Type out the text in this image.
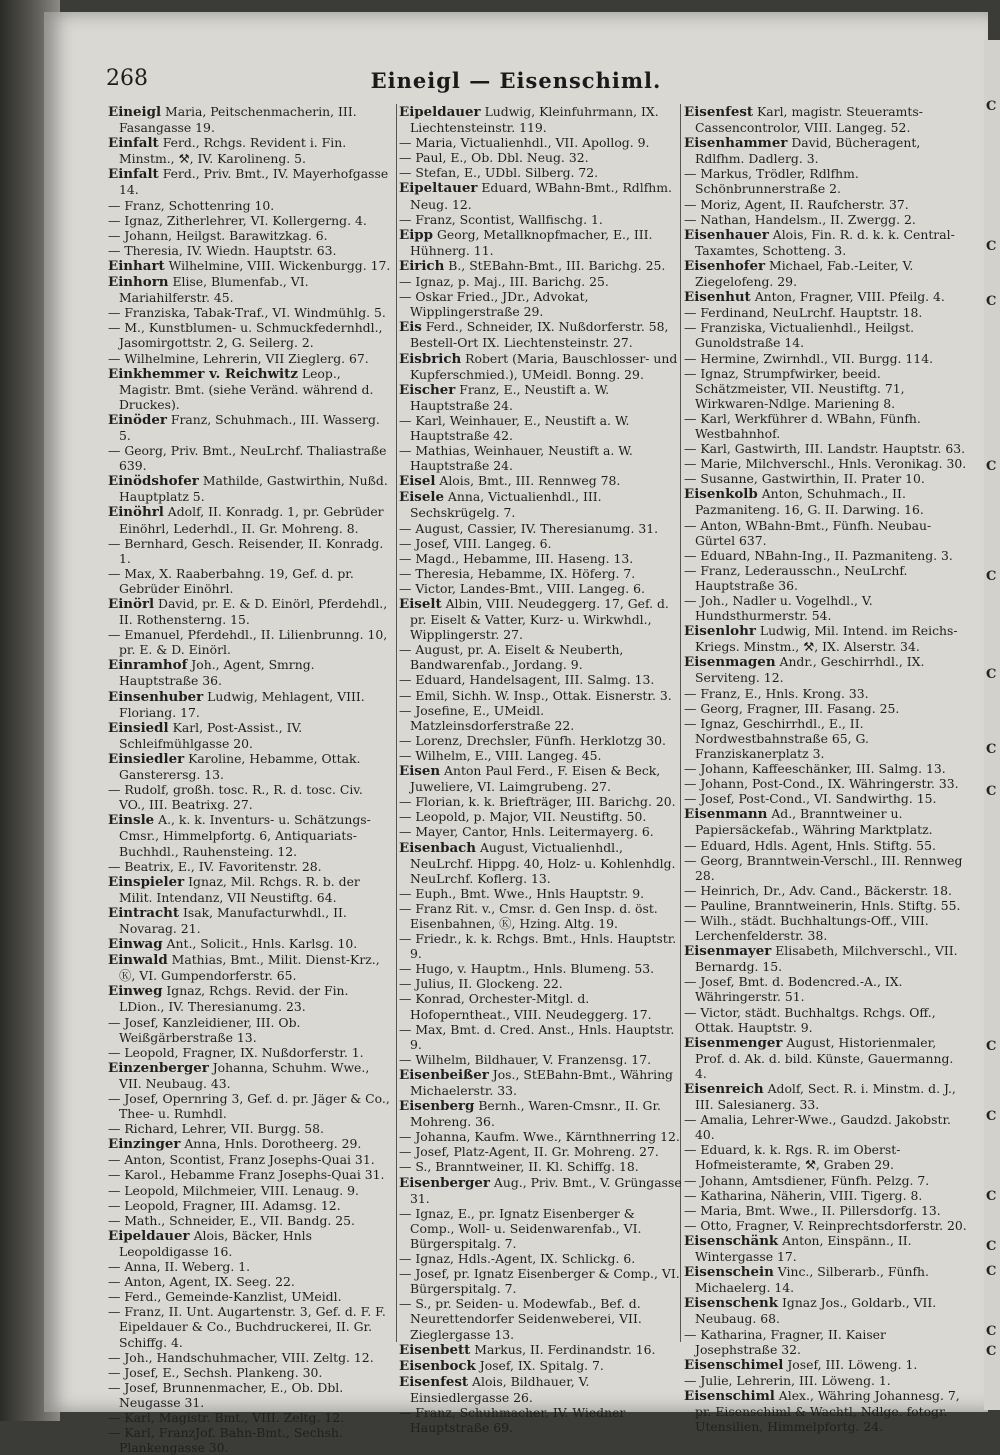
268	Eineigl — Eisenschiml.

Eineigl Maria, Peitschenmacherin, III. Fasangasse 19.

Einfalt Ferd., Rchgs. Revident i. Fin. Minstm., ⚒, IV. Karolineng. 5.

Einfalt Ferd., Priv. Bmt., IV. Mayerhofgasse 14.

— Franz, Schottenring 10.

— Ignaz, Zitherlehrer, VI. Kollergerng. 4.

— Johann, Heilgst. Barawitzkag. 6.

— Theresia, IV. Wiedn. Hauptstr. 63.

Einhart Wilhelmine, VIII. Wickenburgg. 17.

Einhorn Elise, Blumenfab., VI. Mariahilferstr. 45.

— Franziska, Tabak-Traf., VI. Windmühlg. 5.

— M., Kunstblumen- u. Schmuckfedernhdl., Jasomirgottstr. 2, G. Seilerg. 2.

— Wilhelmine, Lehrerin, VII Zieglerg. 67.

Einkhemmer v. Reichwitz Leop., Magistr. Bmt. (siehe Veränd. während d. Druckes).

Einöder Franz, Schuhmach., III. Wasserg. 5.

— Georg, Priv. Bmt., NeuLrchf. Thaliastraße 639.

Einödshofer Mathilde, Gastwirthin, Nußd. Hauptplatz 5.

Einöhrl Adolf, II. Konradg. 1, pr. Gebrüder Einöhrl, Lederhdl., II. Gr. Mohreng. 8.

— Bernhard, Gesch. Reisender, II. Konradg. 1.

— Max, X. Raaberbahng. 19, Gef. d. pr. Gebrüder Einöhrl.

Einörl David, pr. E. & D. Einörl, Pferdehdl., II. Rothensterng. 15.

— Emanuel, Pferdehdl., II. Lilienbrunng. 10, pr. E. & D. Einörl.

Einramhof Joh., Agent, Smrng. Hauptstraße 36.

Einsenhuber Ludwig, Mehlagent, VIII. Floriang. 17.

Einsiedl Karl, Post-Assist., IV. Schleifmühlgasse 20.

Einsiedler Karoline, Hebamme, Ottak. Gansterersg. 13.

— Rudolf, großh. tosc. R., R. d. tosc. Civ. VO., III. Beatrixg. 27.

Einsle A., k. k. Inventurs- u. Schätzungs-Cmsr., Himmelpfortg. 6, Antiquariats-Buchhdl., Rauhensteing. 12.

— Beatrix, E., IV. Favoritenstr. 28.

Einspieler Ignaz, Mil. Rchgs. R. b. der Milit. Intendanz, VII Neustiftg. 64.

Eintracht Isak, Manufacturwhdl., II. Novarag. 21.

Einwag Ant., Solicit., Hnls. Karlsg. 10.

Einwald Mathias, Bmt., Milit. Dienst-Krz., Ⓚ, VI. Gumpendorferstr. 65.

Einweg Ignaz, Rchgs. Revid. der Fin. LDion., IV. Theresianumg. 23.

— Josef, Kanzleidiener, III. Ob. Weißgärberstraße 13.

— Leopold, Fragner, IX. Nußdorferstr. 1.

Einzenberger Johanna, Schuhm. Wwe., VII. Neubaug. 43.

— Josef, Opernring 3, Gef. d. pr. Jäger & Co., Thee- u. Rumhdl.

— Richard, Lehrer, VII. Burgg. 58.

Einzinger Anna, Hnls. Dorotheerg. 29.

— Anton, Scontist, Franz Josephs-Quai 31.

— Karol., Hebamme Franz Josephs-Quai 31.

— Leopold, Milchmeier, VIII. Lenaug. 9.

— Leopold, Fragner, III. Adamsg. 12.

— Math., Schneider, E., VII. Bandg. 25.

Eipeldauer Alois, Bäcker, Hnls Leopoldigasse 16.

— Anna, II. Weberg. 1.

— Anton, Agent, IX. Seeg. 22.

— Ferd., Gemeinde-Kanzlist, UMeidl.

— Franz, II. Unt. Augartenstr. 3, Gef. d. F. F. Eipeldauer & Co., Buchdruckerei, II. Gr. Schiffg. 4.

— Joh., Handschuhmacher, VIII. Zeltg. 12.

— Josef, E., Sechsh. Plankeng. 30.

— Josef, Brunnenmacher, E., Ob. Dbl. Neugasse 31.

— Karl, Magistr. Bmt., VIII. Zeltg. 12.

— Karl, FranzJof. Bahn-Bmt., Sechsh. Plankengasse 30.

Eipeldauer Ludwig, Kleinfuhrmann, IX. Liechtensteinstr. 119.

— Maria, Victualienhdl., VII. Apollog. 9.

— Paul, E., Ob. Dbl. Neug. 32.

— Stefan, E., UDbl. Silberg. 72.

Eipeltauer Eduard, WBahn-Bmt., Rdlfhm. Neug. 12.

— Franz, Scontist, Wallfischg. 1.

Eipp Georg, Metallknopfmacher, E., III. Hühnerg. 11.

Eirich B., StEBahn-Bmt., III. Barichg. 25.

— Ignaz, p. Maj., III. Barichg. 25.

— Oskar Fried., JDr., Advokat, Wipplingerstraße 29.

Eis Ferd., Schneider, IX. Nußdorferstr. 58, Bestell-Ort IX. Liechtensteinstr. 27.

Eisbrich Robert (Maria, Bauschlosser- und Kupferschmied.), UMeidl. Bonng. 29.

Eischer Franz, E., Neustift a. W. Hauptstraße 24.

— Karl, Weinhauer, E., Neustift a. W. Hauptstraße 42.

— Mathias, Weinhauer, Neustift a. W. Hauptstraße 24.

Eisel Alois, Bmt., III. Rennweg 78.

Eisele Anna, Victualienhdl., III. Sechskrügelg. 7.

— August, Cassier, IV. Theresianumg. 31.

— Josef, VIII. Langeg. 6.

— Magd., Hebamme, III. Haseng. 13.

— Theresia, Hebamme, IX. Höferg. 7.

— Victor, Landes-Bmt., VIII. Langeg. 6.

Eiselt Albin, VIII. Neudeggerg. 17, Gef. d. pr. Eiselt & Vatter, Kurz- u. Wirkwhdl., Wipplingerstr. 27.

— August, pr. A. Eiselt & Neuberth, Bandwarenfab., Jordang. 9.

— Eduard, Handelsagent, III. Salmg. 13.

— Emil, Sichh. W. Insp., Ottak. Eisnerstr. 3.

— Josefine, E., UMeidl. Matzleinsdorferstraße 22.

— Lorenz, Drechsler, Fünfh. Herklotzg 30.

— Wilhelm, E., VIII. Langeg. 45.

Eisen Anton Paul Ferd., F. Eisen & Beck, Juweliere, VI. Laimgrubeng. 27.

— Florian, k. k. Briefträger, III. Barichg. 20.

— Leopold, p. Major, VII. Neustiftg. 50.

— Mayer, Cantor, Hnls. Leitermayerg. 6.

Eisenbach August, Victualienhdl., NeuLrchf. Hippg. 40, Holz- u. Kohlenhdlg. NeuLrchf. Koflerg. 13.

— Euph., Bmt. Wwe., Hnls Hauptstr. 9.

— Franz Rit. v., Cmsr. d. Gen Insp. d. öst. Eisenbahnen, Ⓚ, Hzing. Altg. 19.

— Friedr., k. k. Rchgs. Bmt., Hnls. Hauptstr. 9.

— Hugo, v. Hauptm., Hnls. Blumeng. 53.

— Julius, II. Glockeng. 22.

— Konrad, Orchester-Mitgl. d. Hofoperntheat., VIII. Neudeggerg. 17.

— Max, Bmt. d. Cred. Anst., Hnls. Hauptstr. 9.

— Wilhelm, Bildhauer, V. Franzensg. 17.

Eisenbeißer Jos., StEBahn-Bmt., Währing Michaelerstr. 33.

Eisenberg Bernh., Waren-Cmsnr., II. Gr. Mohreng. 36.

— Johanna, Kaufm. Wwe., Kärnthnerring 12.

— Josef, Platz-Agent, II. Gr. Mohreng. 27.

— S., Branntweiner, II. Kl. Schiffg. 18.

Eisenberger Aug., Priv. Bmt., V. Grüngasse 31.

— Ignaz, E., pr. Ignatz Eisenberger & Comp., Woll- u. Seidenwarenfab., VI. Bürgerspitalg. 7.

— Ignaz, Hdls.-Agent, IX. Schlickg. 6.

— Josef, pr. Ignatz Eisenberger & Comp., VI. Bürgerspitalg. 7.

— S., pr. Seiden- u. Modewfab., Bef. d. Neurettendorfer Seidenweberei, VII. Zieglergasse 13.

Eisenbett Markus, II. Ferdinandstr. 16.

Eisenbock Josef, IX. Spitalg. 7.

Eisenfest Alois, Bildhauer, V. Einsiedlergasse 26.

— Franz, Schuhmacher, IV. Wiedner Hauptstraße 69.

Eisenfest Karl, magistr. Steueramts-Cassencontrolor, VIII. Langeg. 52.

Eisenhammer David, Bücheragent, Rdlfhm. Dadlerg. 3.

— Markus, Trödler, Rdlfhm. Schönbrunnerstraße 2.

— Moriz, Agent, II. Raufcherstr. 37.

— Nathan, Handelsm., II. Zwergg. 2.

Eisenhauer Alois, Fin. R. d. k. k. Central-Taxamtes, Schotteng. 3.

Eisenhofer Michael, Fab.-Leiter, V. Ziegelofeng. 29.

Eisenhut Anton, Fragner, VIII. Pfeilg. 4.

— Ferdinand, NeuLrchf. Hauptstr. 18.

— Franziska, Victualienhdl., Heilgst. Gunoldstraße 14.

— Hermine, Zwirnhdl., VII. Burgg. 114.

— Ignaz, Strumpfwirker, beeid. Schätzmeister, VII. Neustiftg. 71, Wirkwaren-Ndlge. Mariening 8.

— Karl, Werkführer d. WBahn, Fünfh. Westbahnhof.

— Karl, Gastwirth, III. Landstr. Hauptstr. 63.

— Marie, Milchverschl., Hnls. Veronikag. 30.

— Susanne, Gastwirthin, II. Prater 10.

Eisenkolb Anton, Schuhmach., II. Pazmaniteng. 16, G. II. Darwing. 16.

— Anton, WBahn-Bmt., Fünfh. Neubau-Gürtel 637.

— Eduard, NBahn-Ing., II. Pazmaniteng. 3.

— Franz, Lederausschn., NeuLrchf. Hauptstraße 36.

— Joh., Nadler u. Vogelhdl., V. Hundsthurmerstr. 54.

Eisenlohr Ludwig, Mil. Intend. im Reichs-Kriegs. Minstm., ⚒, IX. Alserstr. 34.

Eisenmagen Andr., Geschirrhdl., IX. Serviteng. 12.

— Franz, E., Hnls. Krong. 33.

— Georg, Fragner, III. Fasang. 25.

— Ignaz, Geschirrhdl., E., II. Nordwestbahnstraße 65, G. Franziskanerplatz 3.

— Johann, Kaffeeschänker, III. Salmg. 13.

— Johann, Post-Cond., IX. Währingerstr. 33.

— Josef, Post-Cond., VI. Sandwirthg. 15.

Eisenmann Ad., Branntweiner u. Papiersäckefab., Währing Marktplatz.

— Eduard, Hdls. Agent, Hnls. Stiftg. 55.

— Georg, Branntwein-Verschl., III. Rennweg 28.

— Heinrich, Dr., Adv. Cand., Bäckerstr. 18.

— Pauline, Branntweinerin, Hnls. Stiftg. 55.

— Wilh., städt. Buchhaltungs-Off., VIII. Lerchenfelderstr. 38.

Eisenmayer Elisabeth, Milchverschl., VII. Bernardg. 15.

— Josef, Bmt. d. Bodencred.-A., IX. Währingerstr. 51.

— Victor, städt. Buchhaltgs. Rchgs. Off., Ottak. Hauptstr. 9.

Eisenmenger August, Historienmaler, Prof. d. Ak. d. bild. Künste, Gauermanng. 4.

Eisenreich Adolf, Sect. R. i. Minstm. d. J., III. Salesianerg. 33.

— Amalia, Lehrer-Wwe., Gaudzd. Jakobstr. 40.

— Eduard, k. k. Rgs. R. im Oberst-Hofmeisteramte, ⚒, Graben 29.

— Johann, Amtsdiener, Fünfh. Pelzg. 7.

— Katharina, Näherin, VIII. Tigerg. 8.

— Maria, Bmt. Wwe., II. Pillersdorfg. 13.

— Otto, Fragner, V. Reinprechtsdorferstr. 20.

Eisenschänk Anton, Einspänn., II. Wintergasse 17.

Eisenschein Vinc., Silberarb., Fünfh. Michaelerg. 14.

Eisenschenk Ignaz Jos., Goldarb., VII. Neubaug. 68.

— Katharina, Fragner, II. Kaiser Josephstraße 32.

Eisenschimel Josef, III. Löweng. 1.

— Julie, Lehrerin, III. Löweng. 1.

Eisenschiml Alex., Währing Johannesg. 7, pr. Eisenschiml & Wachtl, Ndlge. fotogr. Utensilien, Himmelpfortg. 24.

C
C
C
C
C
C
C
C
C
C
C
C
C
C
C
